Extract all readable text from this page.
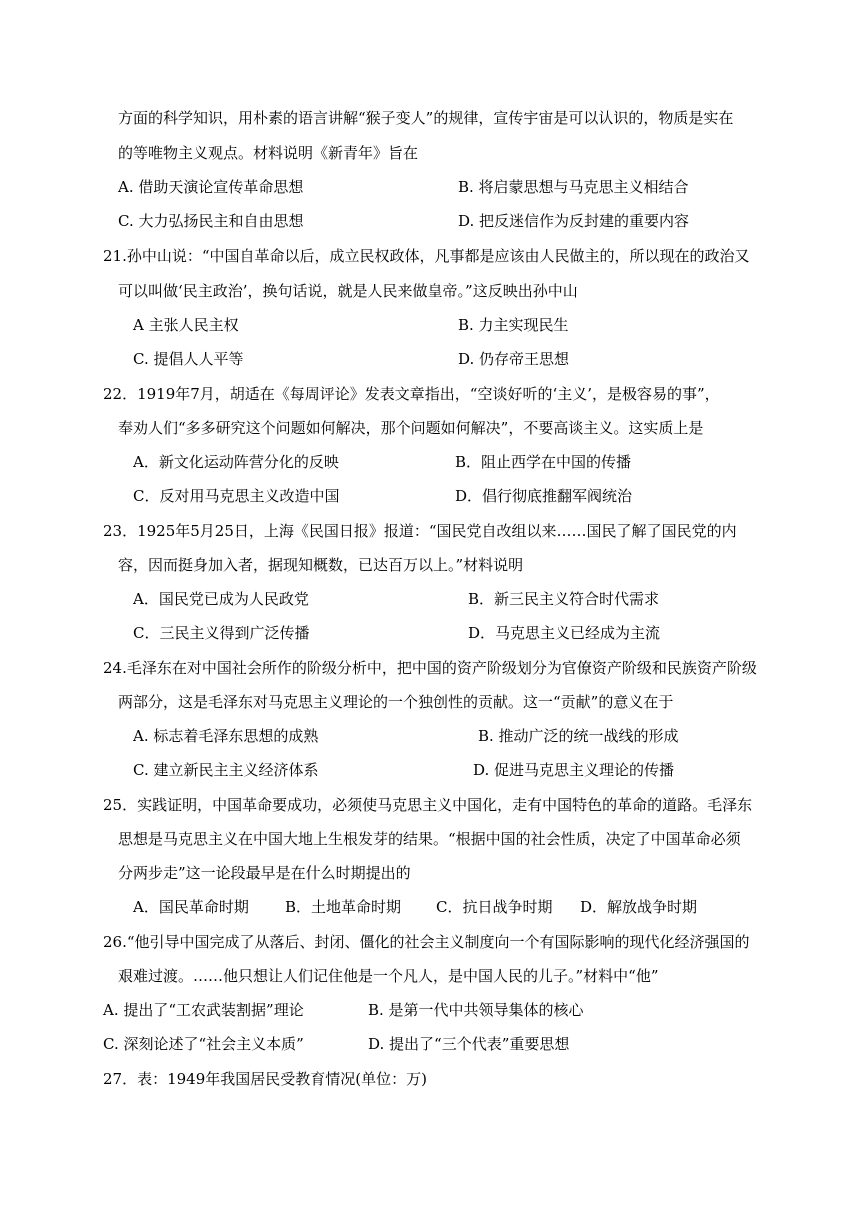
方面的科学知识，用朴素的语言讲解“猴子变人”的规律，宣传宇宙是可以认识的，物质是实在
的等唯物主义观点。材料说明《新青年》旨在
A. 借助天演论宣传革命思想	B. 将启蒙思想与马克思主义相结合
C. 大力弘扬民主和自由思想	D. 把反迷信作为反封建的重要内容
21.孙中山说：“中国自革命以后，成立民权政体，凡事都是应该由人民做主的，所以现在的政治又
可以叫做‘民主政治’，换句话说，就是人民来做皇帝。”这反映出孙中山
A 主张人民主权	B. 力主实现民生
C. 提倡人人平等	D. 仍存帝王思想
22．1919年7月，胡适在《每周评论》发表文章指出，“空谈好听的‘主义’，是极容易的事”，
奉劝人们“多多研究这个问题如何解决，那个问题如何解决”，不要高谈主义。这实质上是
A．新文化运动阵营分化的反映	B．阻止西学在中国的传播
C．反对用马克思主义改造中国	D．倡行彻底推翻军阀统治
23．1925年5月25日，上海《民国日报》报道：“国民党自改组以来……国民了解了国民党的内
容，因而挺身加入者，据现知概数，已达百万以上。”材料说明
A．国民党已成为人民政党	B．新三民主义符合时代需求
C．三民主义得到广泛传播	D．马克思主义已经成为主流
24.毛泽东在对中国社会所作的阶级分析中，把中国的资产阶级划分为官僚资产阶级和民族资产阶级
两部分，这是毛泽东对马克思主义理论的一个独创性的贡献。这一“贡献”的意义在于
A. 标志着毛泽东思想的成熟	B. 推动广泛的统一战线的形成
C. 建立新民主主义经济体系	D. 促进马克思主义理论的传播
25．实践证明，中国革命要成功，必须使马克思主义中国化，走有中国特色的革命的道路。毛泽东
思想是马克思主义在中国大地上生根发芽的结果。“根据中国的社会性质，决定了中国革命必须
分两步走”这一论段最早是在什么时期提出的
A．国民革命时期 B．土地革命时期 C．抗日战争时期 D．解放战争时期
26.“他引导中国完成了从落后、封闭、僵化的社会主义制度向一个有国际影响的现代化经济强国的
艰难过渡。……他只想让人们记住他是一个凡人，是中国人民的儿子。”材料中“他”
A. 提出了“工农武装割据”理论	B. 是第一代中共领导集体的核心
C. 深刻论述了“社会主义本质”	D. 提出了“三个代表”重要思想
27．表：1949年我国居民受教育情况(单位：万)
